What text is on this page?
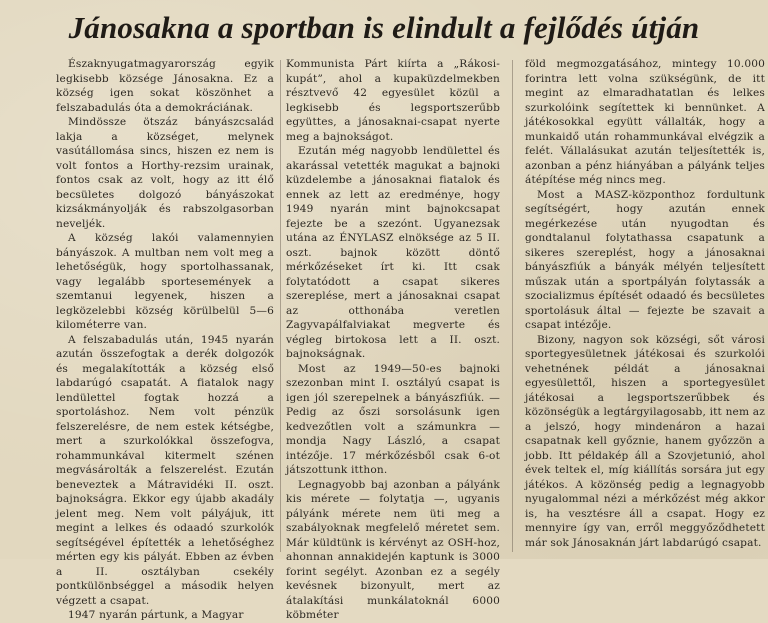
Jánosakna a sportban is elindult a fejlődés útján

Északnyugatmagyarország egyik legkisebb községe Jánosakna. Ez a község igen sokat köszönhet a felszabadulás óta a demokráciának.

Mindössze ötszáz bányászcsalád lakja a községet, melynek vasútállomása sincs, hiszen ez nem is volt fontos a Horthy-rezsim urainak, fontos csak az volt, hogy az itt élő becsületes dolgozó bányászokat kizsákmányolják és rabszolgasorban neveljék.

A község lakói valamennyien bányászok. A multban nem volt meg a lehetőségük, hogy sportolhassanak, vagy legalább sportesemények a szemtanui legyenek, hiszen a legközelebbi község körülbelül 5—6 kilométerre van.

A felszabadulás után, 1945 nyarán azután összefogtak a derék dolgozók és megalakították a község első labdarúgó csapatát. A fiatalok nagy lendülettel fogtak hozzá a sportoláshoz. Nem volt pénzük felszerelésre, de nem estek kétségbe, mert a szurkolókkal összefogva, rohammunkával kitermelt szénen megvásárolták a felszerelést. Ezután beneveztek a Mátravidéki II. oszt. bajnokságra. Ekkor egy újabb akadály jelent meg. Nem volt pályájuk, itt megint a lelkes és odaadó szurkolók segítségével építették a lehetőséghez mérten egy kis pályát. Ebben az évben a II. osztályban csekély pontkülönbséggel a második helyen végzett a csapat.

1947 nyarán pártunk, a Magyar

Kommunista Párt kiírta a „Rákosi-kupát”, ahol a kupaküzdelmekben résztvevő 42 egyesület közül a legkisebb és legsportszerűbb együttes, a jánosaknai-csapat nyerte meg a bajnokságot.

Ezután még nagyobb lendülettel és akarással vetették magukat a bajnoki küzdelembe a jánosaknai fiatalok és ennek az lett az eredménye, hogy 1949 nyarán mint bajnokcsapat fejezte be a szezónt. Ugyanezsak utána az ÉNYLASZ elnöksége az 5 II. oszt. bajnok között döntő mérkőzéseket írt ki. Itt csak folytatódott a csapat sikeres szereplése, mert a jánosaknai csapat az otthonába veretlen Zagyvapálfalviakat megverte és végleg birtokosa lett a II. oszt. bajnokságnak.

Most az 1949—50-es bajnoki szezonban mint I. osztályú csapat is igen jól szerepelnek a bányászfiúk. — Pedig az őszi sorsolásunk igen kedvezőtlen volt a számunkra — mondja Nagy László, a csapat intézője. 17 mérkőzésből csak 6-ot játszottunk itthon.

Legnagyobb baj azonban a pályánk kis mérete — folytatja —, ugyanis pályánk mérete nem üti meg a szabályoknak megfelelő méretet sem. Már küldtünk is kérvényt az OSH-hoz, ahonnan annakidején kaptunk is 3000 forint segélyt. Azonban ez a segély kevésnek bizonyult, mert az átalakítási munkálatoknál 6000 köbméter

föld megmozgatásához, mintegy 10.000 forintra lett volna szükségünk, de itt megint az elmaradhatatlan és lelkes szurkolóink segítettek ki bennünket. A játékosokkal együtt vállalták, hogy a munkaidő után rohammunkával elvégzik a felét. Vállalásukat azután teljesítették is, azonban a pénz hiányában a pályánk teljes átépítése még nincs meg.

Most a MASZ-központhoz fordultunk segítségért, hogy azután ennek megérkezése után nyugodtan és gondtalanul folytathassa csapatunk a sikeres szereplést, hogy a jánosaknai bányászfiúk a bányák mélyén teljesített műszak után a sportpályán folytassák a szocializmus építését odaadó és becsületes sportolásuk által — fejezte be szavait a csapat intézője.

Bizony, nagyon sok községi, sőt városi sportegyesületnek játékosai és szurkolói vehetnének példát a jánosaknai egyesülettől, hiszen a sportegyesület játékosai a legsportszerűbbek és közönségük a legtárgyilagosabb, itt nem az a jelszó, hogy mindenáron a hazai csapatnak kell győznie, hanem győzzön a jobb. Itt példakép áll a Szovjetunió, ahol évek teltek el, míg kiállítás sorsára jut egy játékos. A közönség pedig a legnagyobb nyugalommal nézi a mérkőzést még akkor is, ha vesztésre áll a csapat. Hogy ez mennyire így van, erről meggyőződhetett már sok Jánosaknán járt labdarúgó csapat.
